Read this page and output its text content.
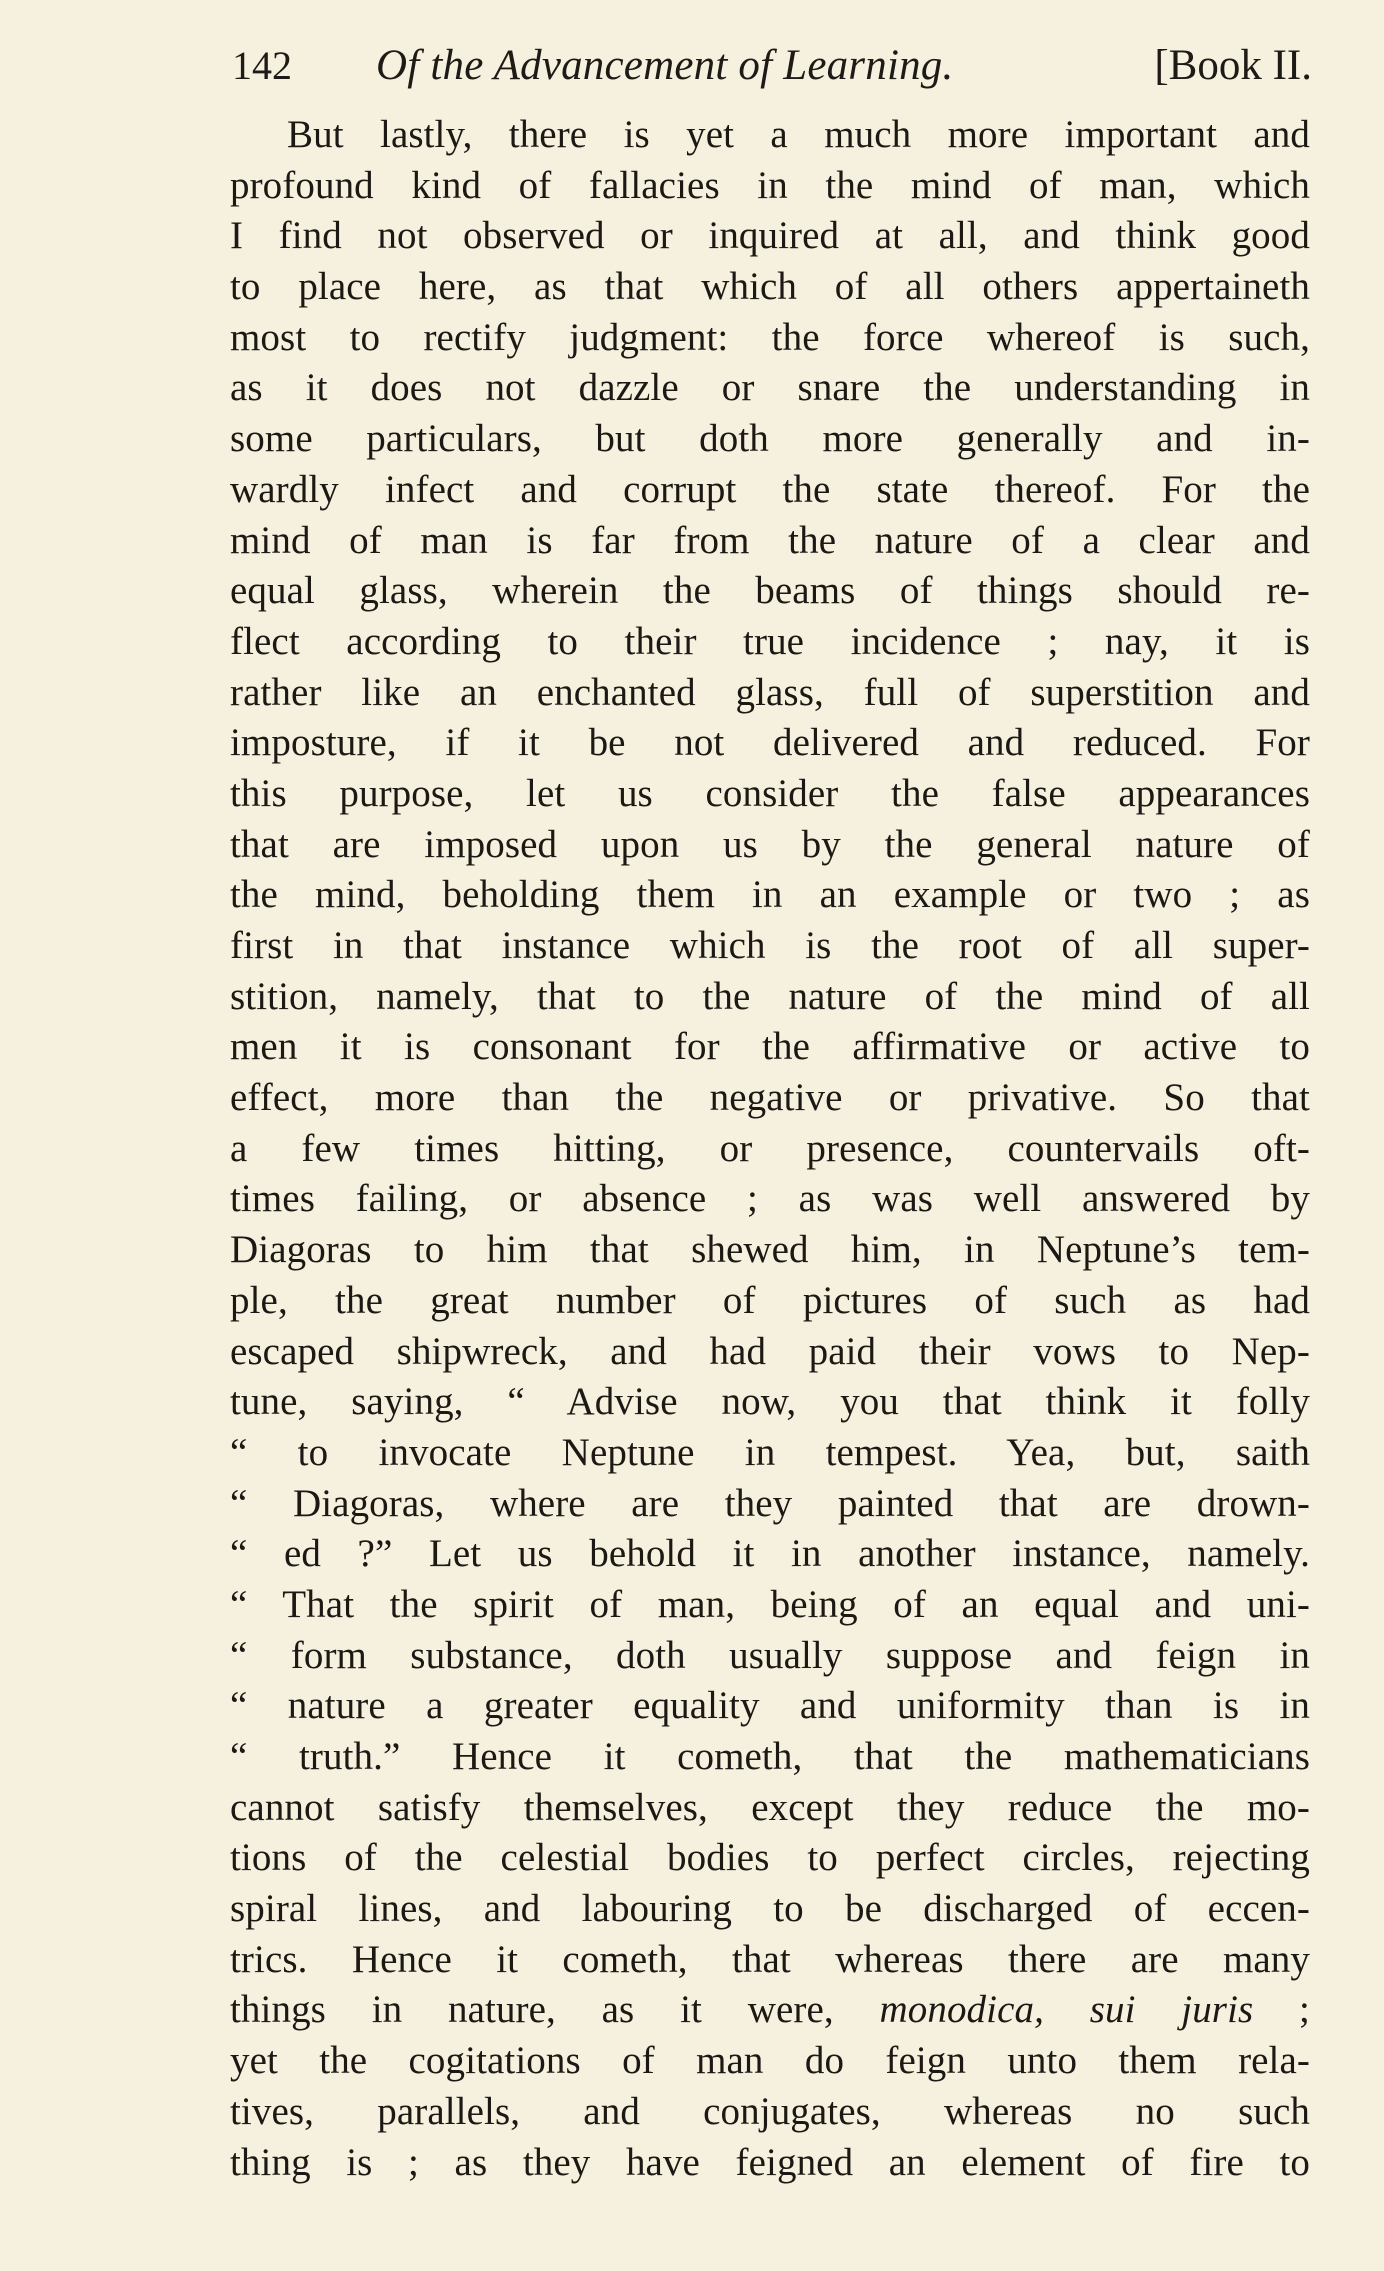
142 Of the Advancement of Learning.	[Book II.
But lastly, there is yet a much more important and
profound kind of fallacies in the mind of man, which
I find not observed or inquired at all, and think good
to place here, as that which of all others appertaineth
most to rectify judgment: the force whereof is such,
as it does not dazzle or snare the understanding in
some particulars, but doth more generally and in-
wardly infect and corrupt the state thereof. For the
mind of man is far from the nature of a clear and
equal glass, wherein the beams of things should re-
flect according to their true incidence ; nay, it is
rather like an enchanted glass, full of superstition and
imposture, if it be not delivered and reduced. For
this purpose, let us consider the false appearances
that are imposed upon us by the general nature of
the mind, beholding them in an example or two ; as
first in that instance which is the root of all super-
stition, namely, that to the nature of the mind of all
men it is consonant for the affirmative or active to
effect, more than the negative or privative. So that
a few times hitting, or presence, countervails oft-
times failing, or absence ; as was well answered by
Diagoras to him that shewed him, in Neptune’s tem-
ple, the great number of pictures of such as had
escaped shipwreck, and had paid their vows to Nep-
tune, saying, “ Advise now, you that think it folly
“ to invocate Neptune in tempest. Yea, but, saith
“ Diagoras, where are they painted that are drown-
“ ed ?” Let us behold it in another instance, namely.
“ That the spirit of man, being of an equal and uni-
“ form substance, doth usually suppose and feign in
“ nature a greater equality and uniformity than is in
“ truth.” Hence it cometh, that the mathematicians
cannot satisfy themselves, except they reduce the mo-
tions of the celestial bodies to perfect circles, rejecting
spiral lines, and labouring to be discharged of eccen-
trics. Hence it cometh, that whereas there are many
things in nature, as it were, monodica, sui juris ;
yet the cogitations of man do feign unto them rela-
tives, parallels, and conjugates, whereas no such
thing is ; as they have feigned an element of fire to
